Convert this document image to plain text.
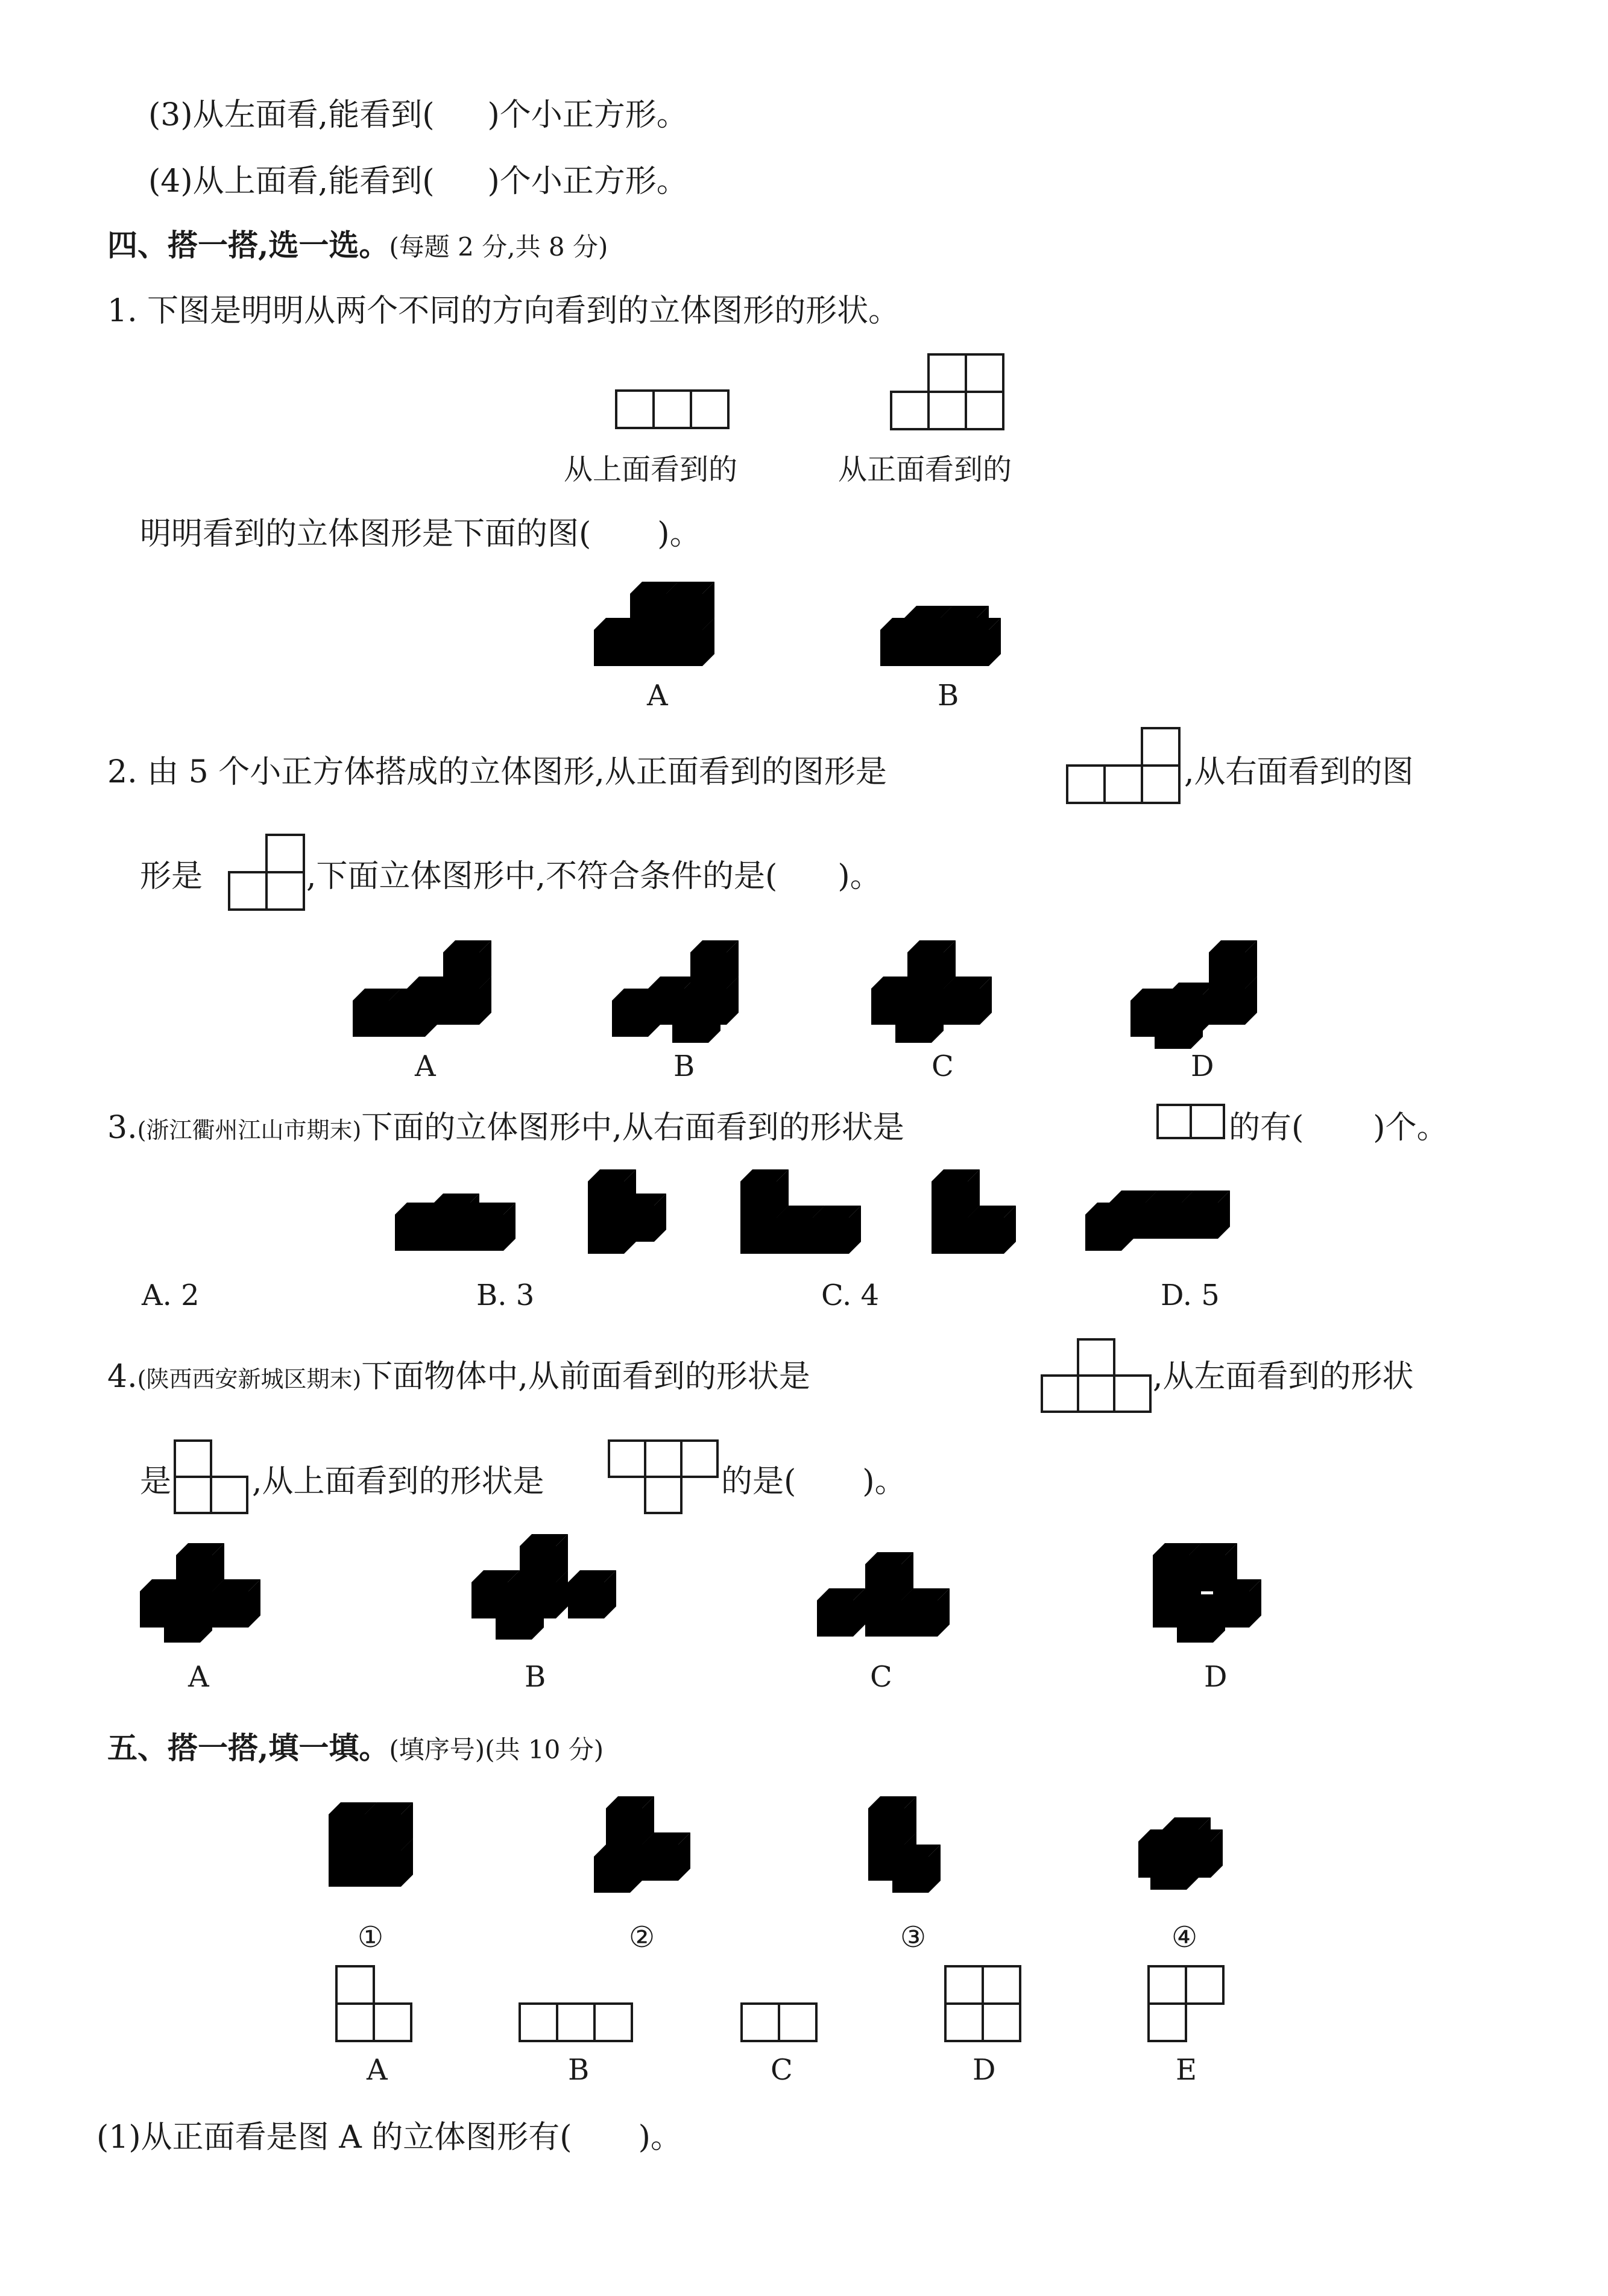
(3)从左面看,能看到( )个小正方形。
(4)从上面看,能看到( )个小正方形。
四、搭一搭,选一选。(每题 2 分,共 8 分)
1. 下图是明明从两个不同的方向看到的立体图形的形状。
从上面看到的	从正面看到的
明明看到的立体图形是下面的图( )。
A	B
2. 由 5 个小正方体搭成的立体图形,从正面看到的图形是	,从右面看到的图
形是	,下面立体图形中,不符合条件的是( )。
A	B	C	D
3.(浙江衢州江山市期末)下面的立体图形中,从右面看到的形状是	的有( )个。
A. 2	B. 3	C. 4	D. 5
4.(陕西西安新城区期末)下面物体中,从前面看到的形状是	,从左面看到的形状
是	,从上面看到的形状是	的是( )。
A	B	C	D
五、搭一搭,填一填。(填序号)(共 10 分)
①	②	③	④
A	B	C	D	E
(1)从正面看是图 A 的立体图形有( )。
